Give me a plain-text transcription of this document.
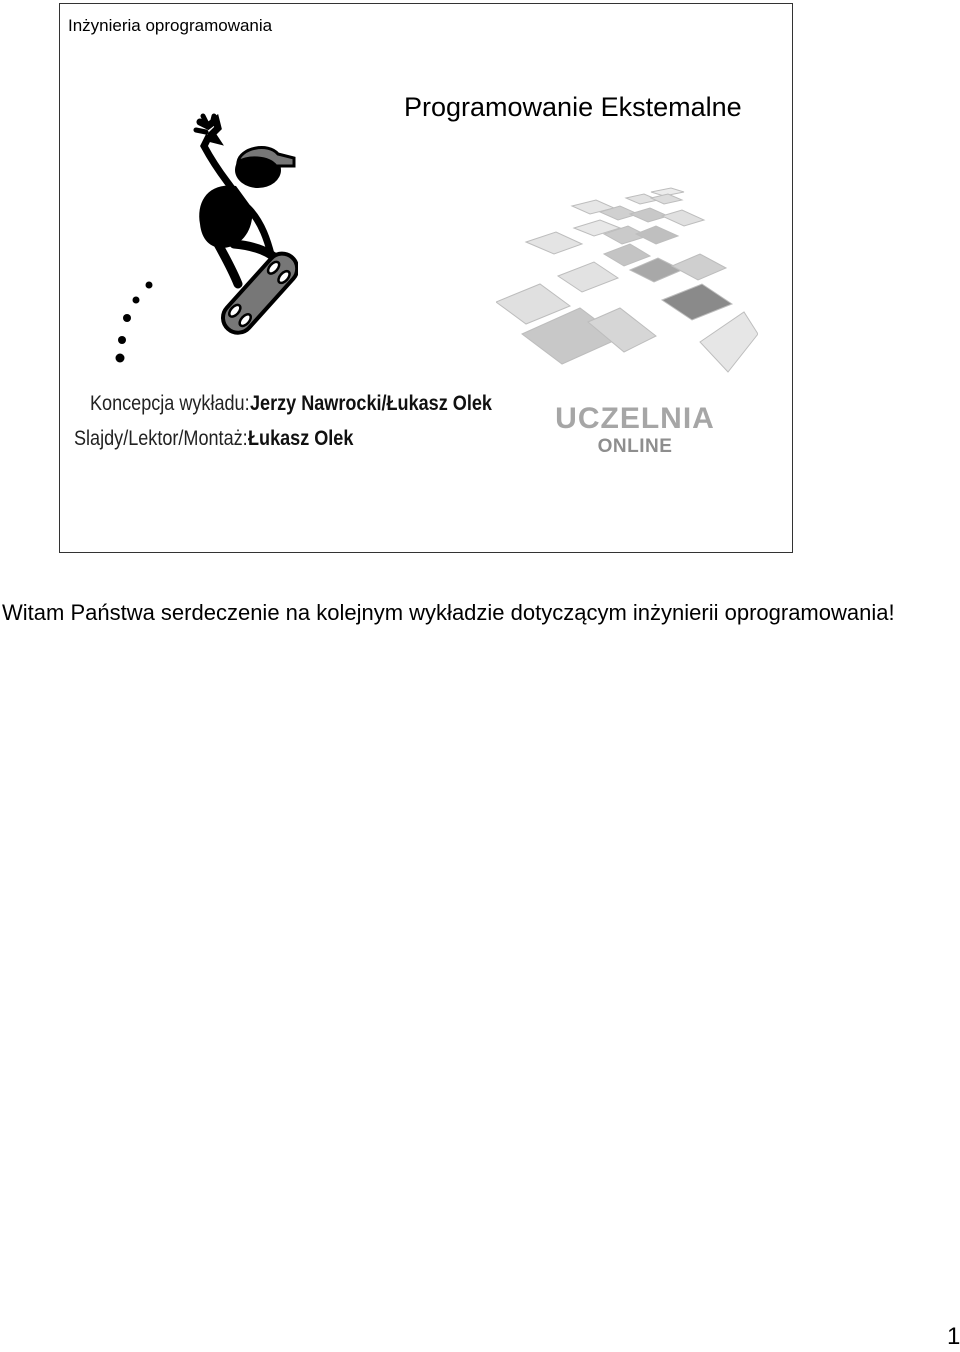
Inżynieria oprogramowania
Programowanie Ekstemalne
UCZELNIA
ONLINE
Koncepcja wykładu: Jerzy Nawrocki/Łukasz Olek
Slajdy/Lektor/Montaż: Łukasz Olek
Witam Państwa serdeczenie na kolejnym wykładzie dotyczącym inżynierii oprogramowania!
1
